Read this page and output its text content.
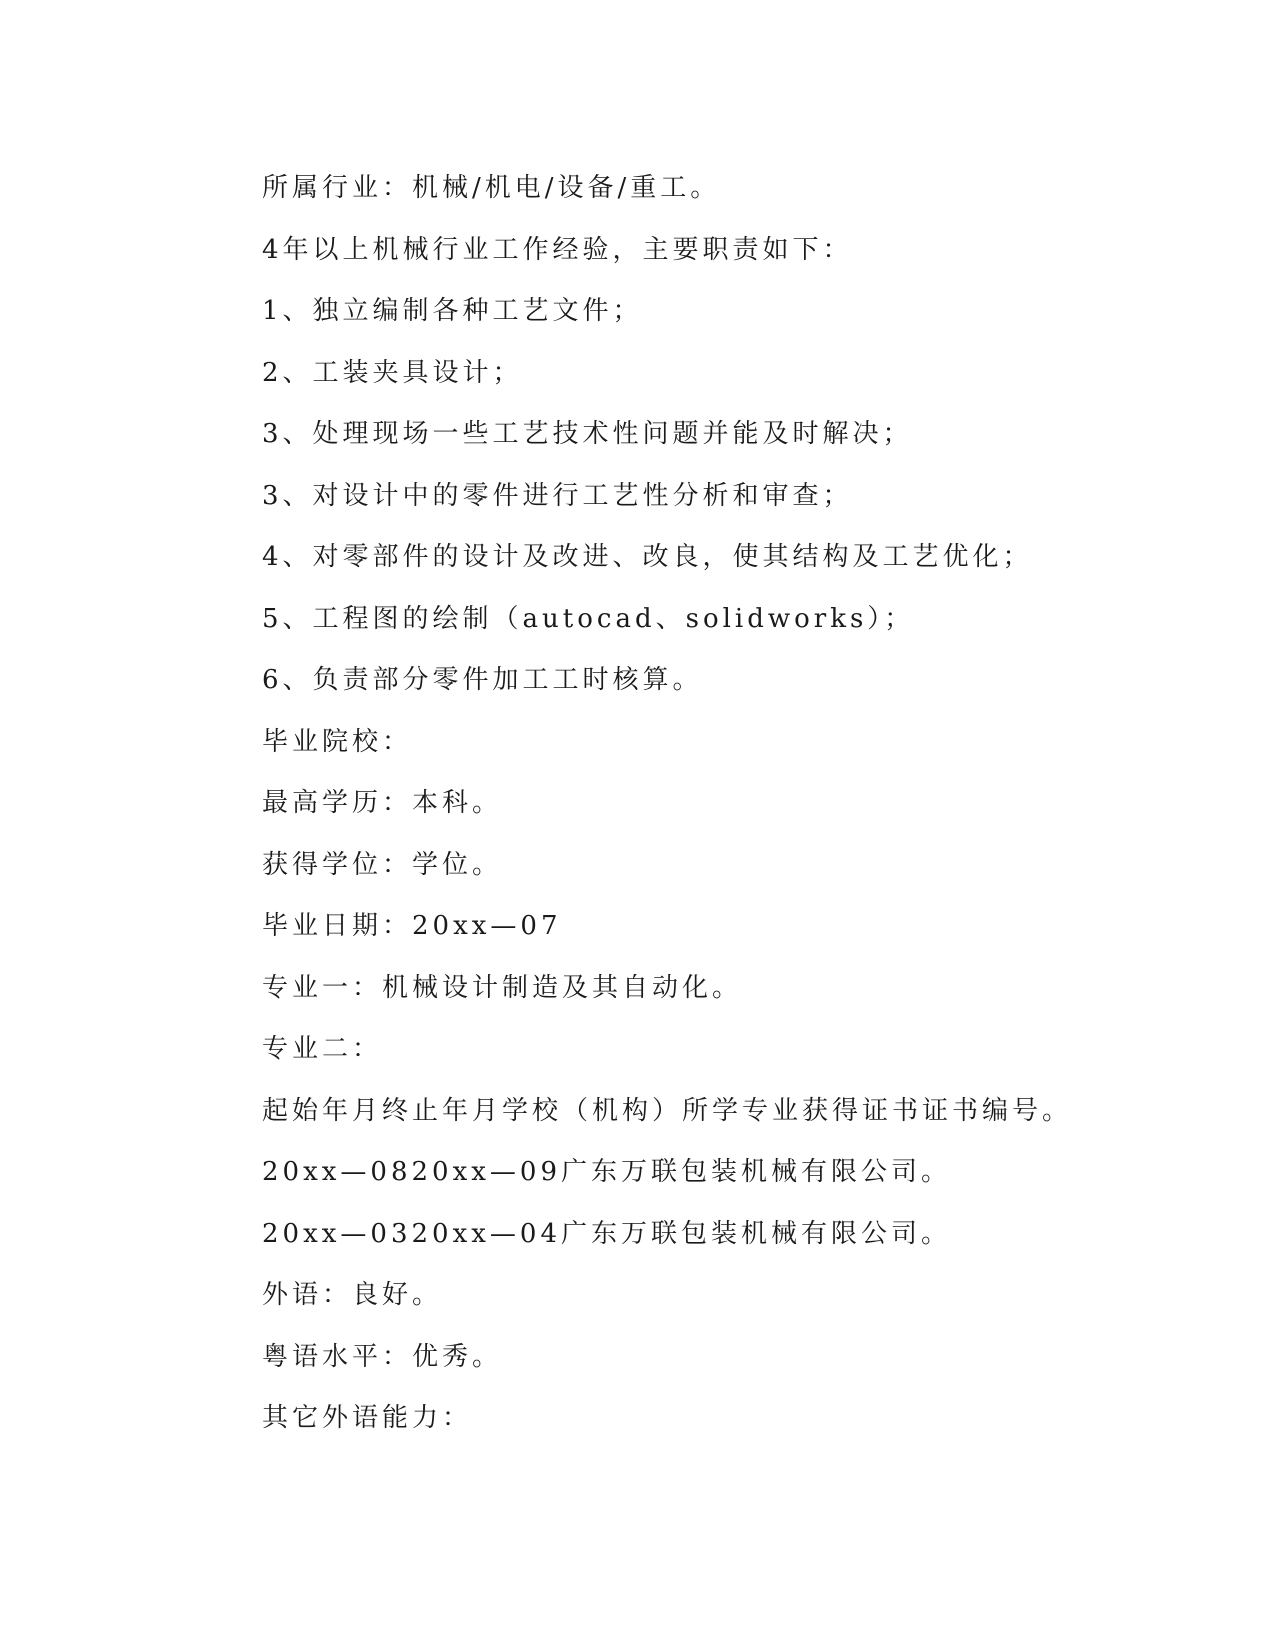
所属行业：机械/机电/设备/重工。

4年以上机械行业工作经验，主要职责如下：

1、独立编制各种工艺文件；

2、工装夹具设计；

3、处理现场一些工艺技术性问题并能及时解决；

3、对设计中的零件进行工艺性分析和审查；

4、对零部件的设计及改进、改良，使其结构及工艺优化；

5、工程图的绘制（autocad、solidworks）；

6、负责部分零件加工工时核算。

毕业院校：

最高学历：本科。

获得学位：学位。

毕业日期：20xx—07

专业一：机械设计制造及其自动化。

专业二：

起始年月终止年月学校（机构）所学专业获得证书证书编号。

20xx—0820xx—09广东万联包装机械有限公司。

20xx—0320xx—04广东万联包装机械有限公司。

外语：良好。

粤语水平：优秀。

其它外语能力：
